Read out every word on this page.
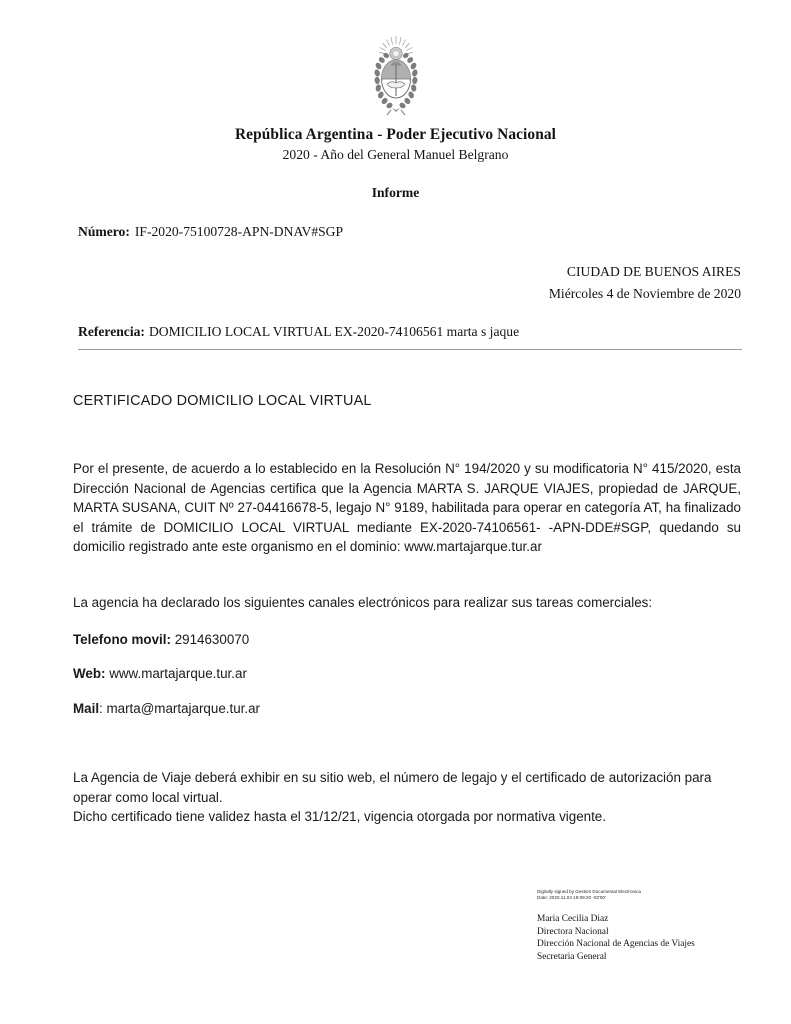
República Argentina - Poder Ejecutivo Nacional
2020 - Año del General Manuel Belgrano
Informe
Número: IF-2020-75100728-APN-DNAV#SGP
CIUDAD DE BUENOS AIRES
Miércoles 4 de Noviembre de 2020
Referencia: DOMICILIO LOCAL VIRTUAL EX-2020-74106561 marta s jaque
CERTIFICADO DOMICILIO LOCAL VIRTUAL
Por el presente, de acuerdo a lo establecido en la Resolución N° 194/2020 y su modificatoria N° 415/2020, esta Dirección Nacional de Agencias certifica que la Agencia MARTA S. JARQUE VIAJES, propiedad de JARQUE, MARTA SUSANA, CUIT Nº 27-04416678-5, legajo N° 9189, habilitada para operar en categoría AT, ha finalizado el trámite de DOMICILIO LOCAL VIRTUAL mediante EX-2020-74106561- -APN-DDE#SGP, quedando su domicilio registrado ante este organismo en el dominio: www.martajarque.tur.ar
La agencia ha declarado los siguientes canales electrónicos para realizar sus tareas comerciales:
Telefono movil: 2914630070
Web: www.martajarque.tur.ar
Mail: marta@martajarque.tur.ar
La Agencia de Viaje deberá exhibir en su sitio web, el número de legajo y el certificado de autorización para operar como local virtual.
Dicho certificado tiene validez hasta el 31/12/21, vigencia otorgada por normativa vigente.
Digitally signed by Gestion Documental Electronica
Date: 2020.11.04 19:09:20 -03'00'
Maria Cecilia Diaz
Directora Nacional
Dirección Nacional de Agencias de Viajes
Secretaria General
